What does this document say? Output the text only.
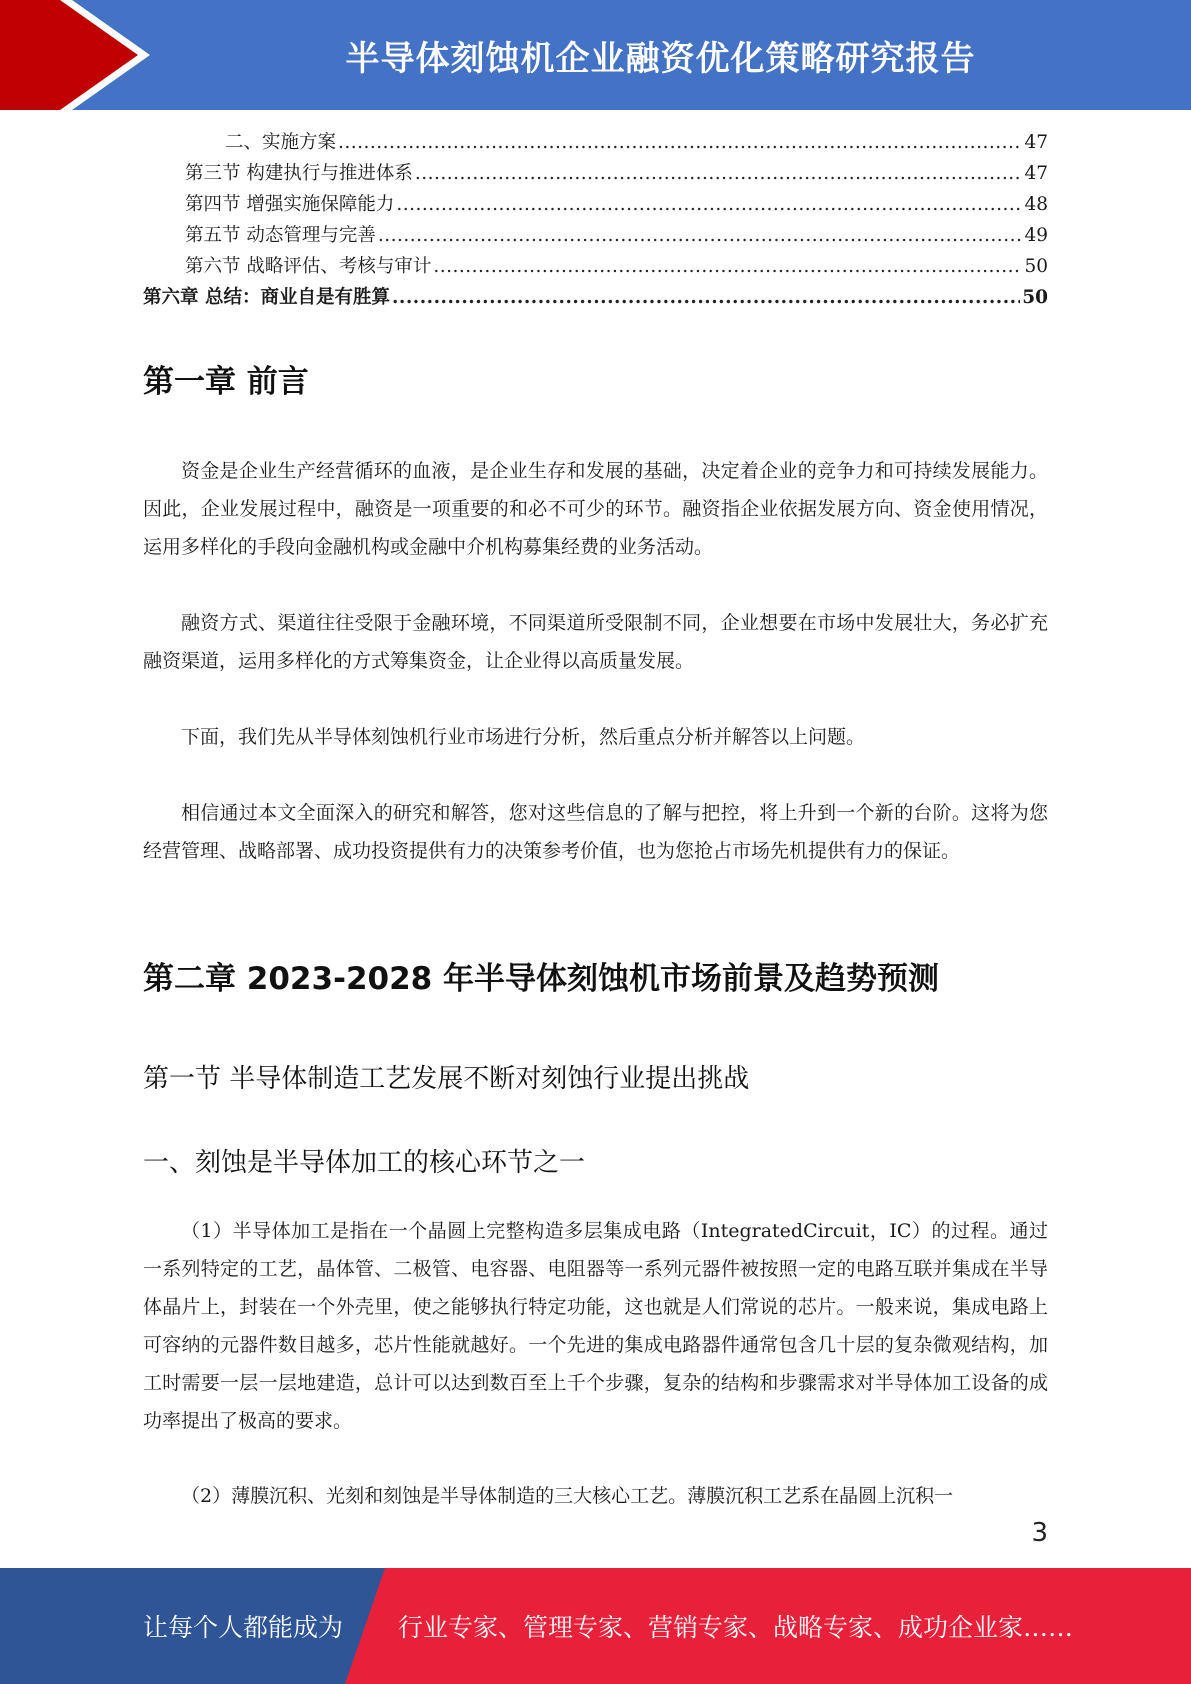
半导体刻蚀机企业融资优化策略研究报告
二、实施方案 .....	47
第三节 构建执行与推进体系 .....	47
第四节 增强实施保障能力 .....	48
第五节 动态管理与完善 .....	49
第六节 战略评估、考核与审计 .....	50
第六章 总结：商业自是有胜算 .....	50
第一章 前言

资金是企业生产经营循环的血液，是企业生存和发展的基础，决定着企业的竞争力和可持续发展能力。因此，企业发展过程中，融资是一项重要的和必不可少的环节。融资指企业依据发展方向、资金使用情况，运用多样化的手段向金融机构或金融中介机构募集经费的业务活动。

融资方式、渠道往往受限于金融环境，不同渠道所受限制不同，企业想要在市场中发展壮大，务必扩充融资渠道，运用多样化的方式筹集资金，让企业得以高质量发展。

下面，我们先从半导体刻蚀机行业市场进行分析，然后重点分析并解答以上问题。

相信通过本文全面深入的研究和解答，您对这些信息的了解与把控，将上升到一个新的台阶。这将为您经营管理、战略部署、成功投资提供有力的决策参考价值，也为您抢占市场先机提供有力的保证。

第二章 2023-2028 年半导体刻蚀机市场前景及趋势预测
第一节 半导体制造工艺发展不断对刻蚀行业提出挑战
一、刻蚀是半导体加工的核心环节之一

（1）半导体加工是指在一个晶圆上完整构造多层集成电路（IntegratedCircuit，IC）的过程。通过一系列特定的工艺，晶体管、二极管、电容器、电阻器等一系列元器件被按照一定的电路互联并集成在半导体晶片上，封装在一个外壳里，使之能够执行特定功能，这也就是人们常说的芯片。一般来说，集成电路上可容纳的元器件数目越多，芯片性能就越好。一个先进的集成电路器件通常包含几十层的复杂微观结构，加工时需要一层一层地建造，总计可以达到数百至上千个步骤，复杂的结构和步骤需求对半导体加工设备的成功率提出了极高的要求。

（2）薄膜沉积、光刻和刻蚀是半导体制造的三大核心工艺。薄膜沉积工艺系在晶圆上沉积一

3
让每个人都能成为 行业专家、管理专家、营销专家、战略专家、成功企业家……
